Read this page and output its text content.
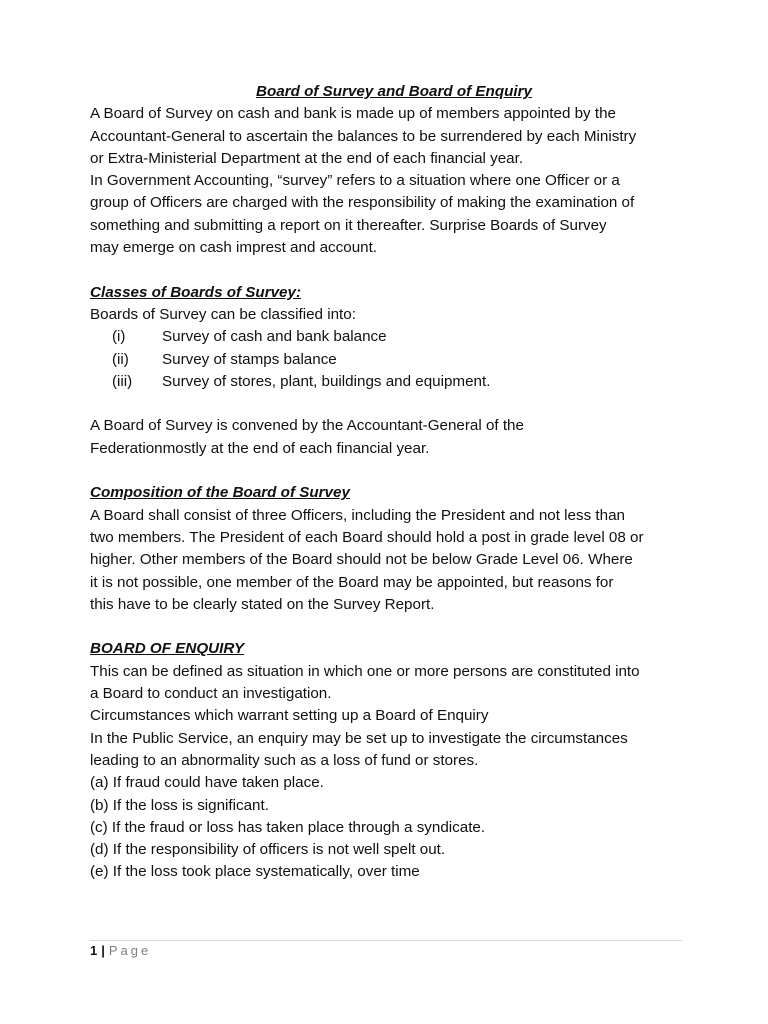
Board of Survey and Board of Enquiry

A Board of Survey on cash and bank is made up of members appointed by the

Accountant-General to ascertain the balances to be surrendered by each Ministry

or Extra-Ministerial Department at the end of each financial year.

In Government Accounting, “survey” refers to a situation where one Officer or a

group of Officers are charged with the responsibility of making the examination of

something and submitting a report on it thereafter. Surprise Boards of Survey

may emerge on cash imprest and account.

Classes of Boards of Survey:

Boards of Survey can be classified into:

(i)	Survey of cash and bank balance
(ii)	Survey of stamps balance
(iii)	Survey of stores, plant, buildings and equipment.

A Board of Survey is convened by the Accountant-General of the

Federationmostly at the end of each financial year.

Composition of the Board of Survey

A Board shall consist of three Officers, including the President and not less than

two members. The President of each Board should hold a post in grade level 08 or

higher. Other members of the Board should not be below Grade Level 06. Where

it is not possible, one member of the Board may be appointed, but reasons for

this have to be clearly stated on the Survey Report.

BOARD OF ENQUIRY

This can be defined as situation in which one or more persons are constituted into

a Board to conduct an investigation.

Circumstances which warrant setting up a Board of Enquiry

In the Public Service, an enquiry may be set up to investigate the circumstances

leading to an abnormality such as a loss of fund or stores.

(a) If fraud could have taken place.

(b) If the loss is significant.

(c) If the fraud or loss has taken place through a syndicate.

(d) If the responsibility of officers is not well spelt out.

(e) If the loss took place systematically, over time

1 | Page
